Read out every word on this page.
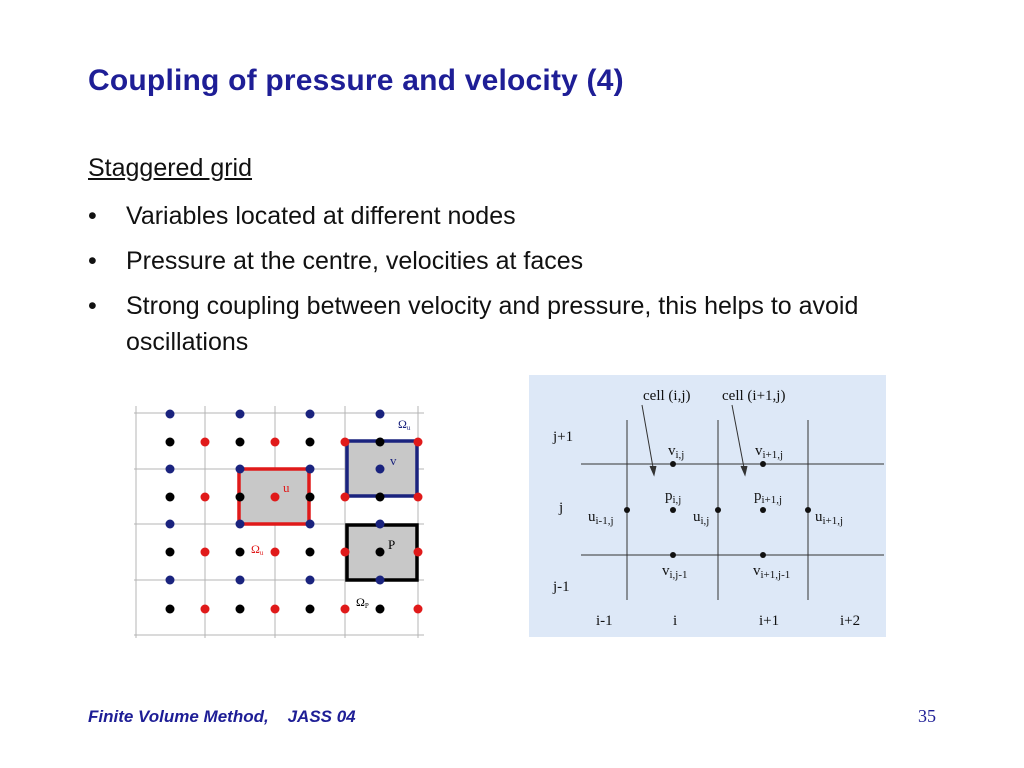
Coupling of pressure and velocity (4)
Staggered grid
• Variables located at different nodes
• Pressure at the centre, velocities at faces
• Strong coupling between velocity and pressure, this helps to avoid oscillations
u
v
P
Ωu
Ωu
ΩP
cell (i,j) cell (i+1,j)
j+1
j
j-1
i-1	i	i+1	i+2
$v_{i,j}$	$v_{i+1,j}$
$p_{i,j}$	$p_{i+1,j}$
$u_{i-1,j}$	$u_{i,j}$	$u_{i+1,j}$
$v_{i,j-1}$	$v_{i+1,j-1}$
Finite Volume Method,    JASS 04	35
